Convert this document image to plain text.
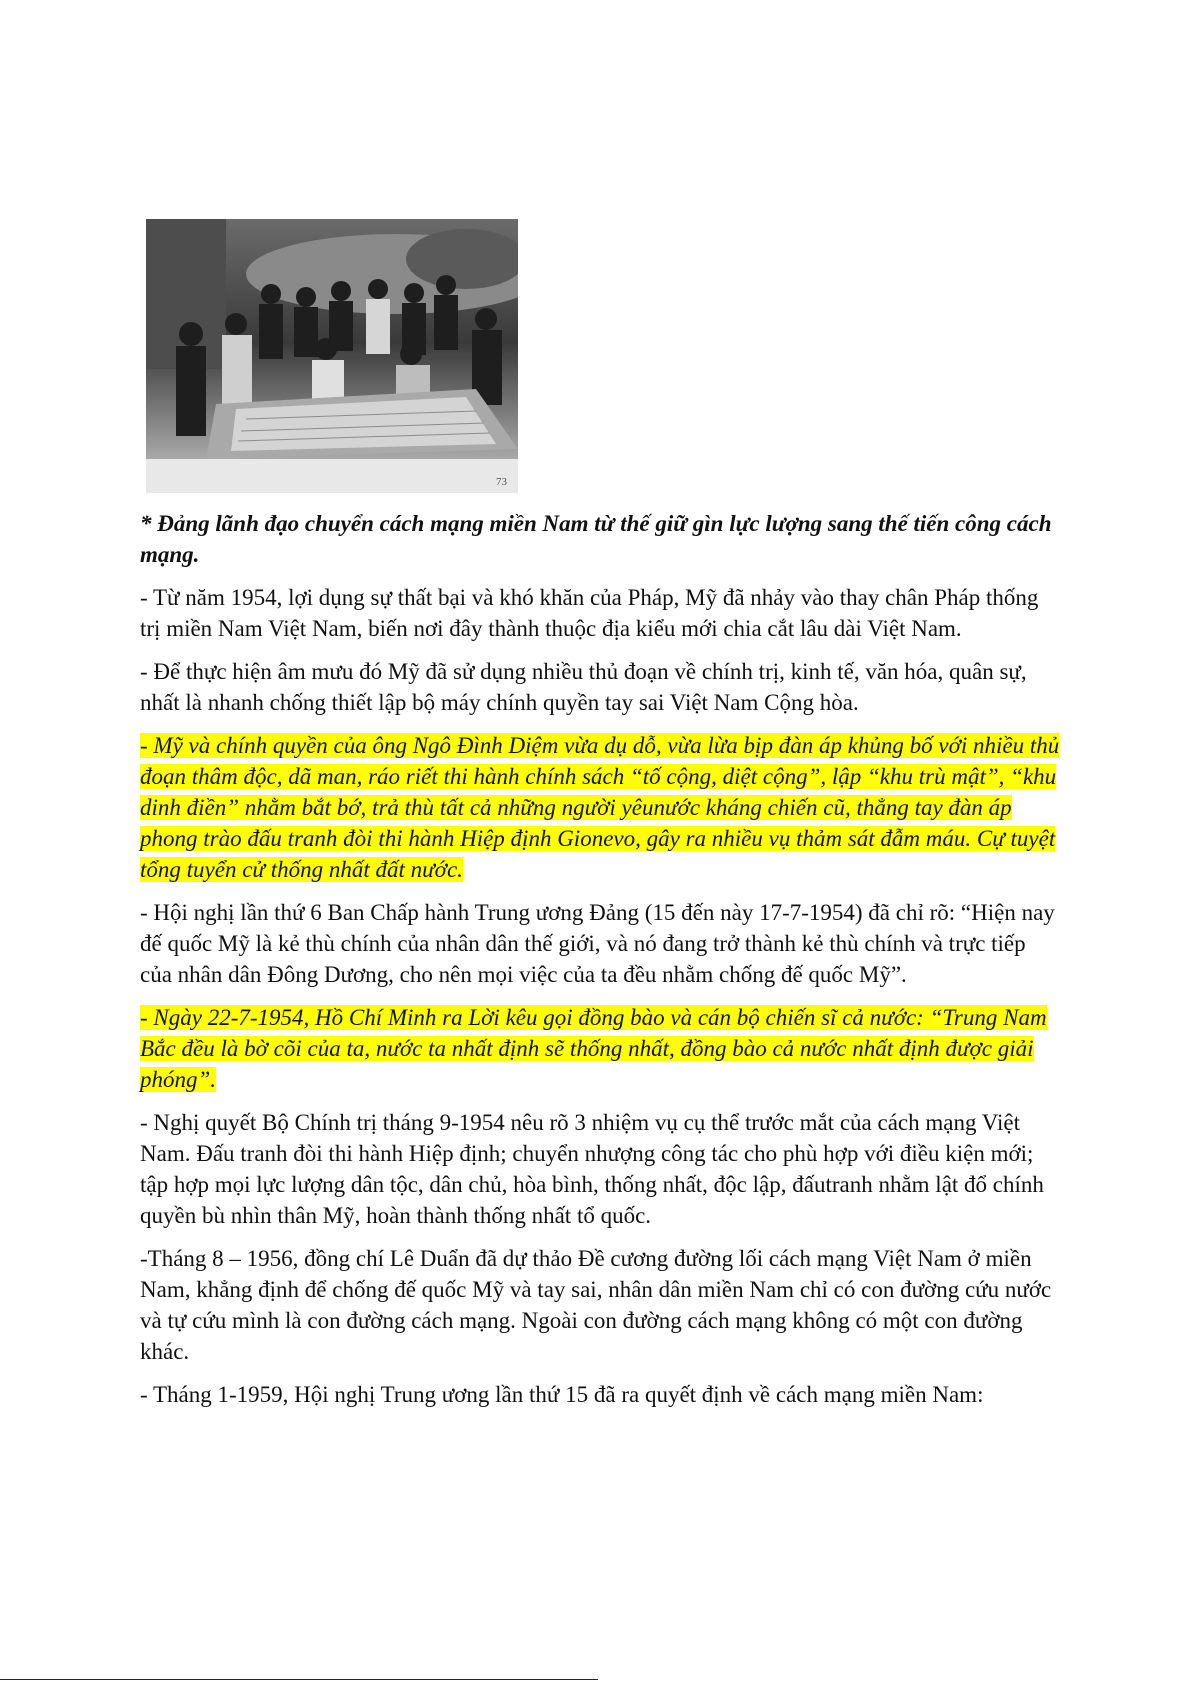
73

* Đảng lãnh đạo chuyển cách mạng miền Nam từ thế giữ gìn lực lượng sang thế tiến công cách mạng.

- Từ năm 1954, lợi dụng sự thất bại và khó khăn của Pháp, Mỹ đã nhảy vào thay chân Pháp thống trị miền Nam Việt Nam, biến nơi đây thành thuộc địa kiểu mới chia cắt lâu dài Việt Nam.

- Để thực hiện âm mưu đó Mỹ đã sử dụng nhiều thủ đoạn về chính trị, kinh tế, văn hóa, quân sự, nhất là nhanh chống thiết lập bộ máy chính quyền tay sai Việt Nam Cộng hòa.

- Mỹ và chính quyền của ông Ngô Đình Diệm vừa dụ dỗ, vừa lừa bịp đàn áp khủng bố với nhiều thủ đoạn thâm độc, dã man, ráo riết thi hành chính sách “tố cộng, diệt cộng”, lập “khu trù mật”, “khu dinh điền” nhằm bắt bớ, trả thù tất cả những người yêunước kháng chiến cũ, thẳng tay đàn áp phong trào đấu tranh đòi thi hành Hiệp định Gionevo, gây ra nhiều vụ thảm sát đẫm máu. Cự tuyệt tổng tuyển cử thống nhất đất nước.

- Hội nghị lần thứ 6 Ban Chấp hành Trung ương Đảng (15 đến này 17-7-1954) đã chỉ rõ: “Hiện nay đế quốc Mỹ là kẻ thù chính của nhân dân thế giới, và nó đang trở thành kẻ thù chính và trực tiếp của nhân dân Đông Dương, cho nên mọi việc của ta đều nhằm chống đế quốc Mỹ”.

- Ngày 22-7-1954, Hồ Chí Minh ra Lời kêu gọi đồng bào và cán bộ chiến sĩ cả nước: “Trung Nam Bắc đều là bờ cõi của ta, nước ta nhất định sẽ thống nhất, đồng bào cả nước nhất định được giải phóng”.

- Nghị quyết Bộ Chính trị tháng 9-1954 nêu rõ 3 nhiệm vụ cụ thể trước mắt của cách mạng Việt Nam. Đấu tranh đòi thi hành Hiệp định; chuyển nhượng công tác cho phù hợp với điều kiện mới; tập hợp mọi lực lượng dân tộc, dân chủ, hòa bình, thống nhất, độc lập, đấutranh nhằm lật đổ chính quyền bù nhìn thân Mỹ, hoàn thành thống nhất tổ quốc.

-Tháng 8 – 1956, đồng chí Lê Duẩn đã dự thảo Đề cương đường lối cách mạng Việt Nam ở miền Nam, khẳng định để chống đế quốc Mỹ và tay sai, nhân dân miền Nam chỉ có con đường cứu nước và tự cứu mình là con đường cách mạng. Ngoài con đường cách mạng không có một con đường khác.

- Tháng 1-1959, Hội nghị Trung ương lần thứ 15 đã ra quyết định về cách mạng miền Nam:
